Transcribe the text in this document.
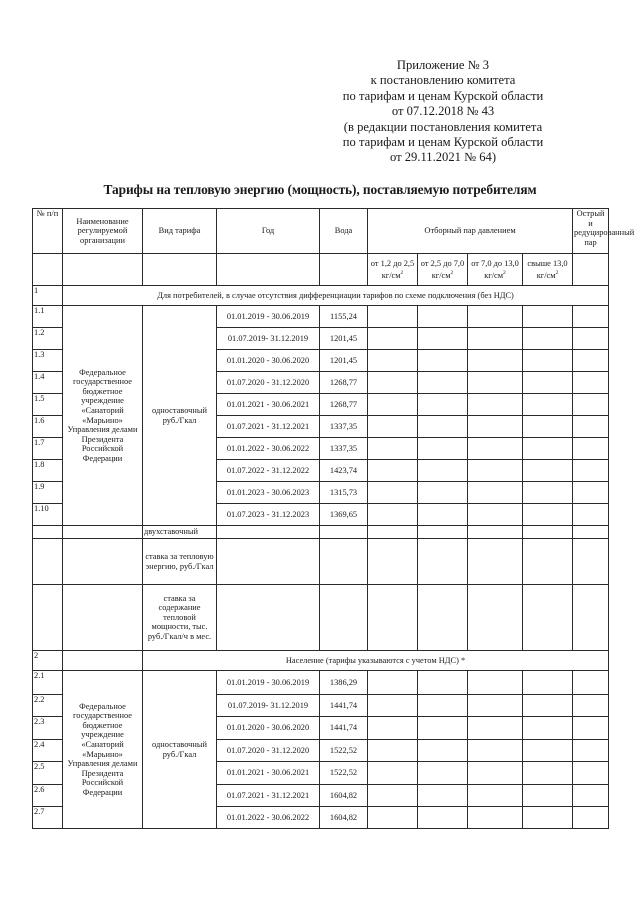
Приложение № 3
к постановлению комитета
по тарифам и ценам Курской области
от 07.12.2018 № 43
(в редакции постановления комитета
по тарифам и ценам Курской области
от 29.11.2021 № 64)
Тарифы на тепловую энергию (мощность), поставляемую потребителям
№ п/п	Наименование регулируемой организации	Вид тарифа	Год	Вода	Отборный пар давлением				Острый и редуцированный пар
					от 1,2 до 2,5 $кг/см^2$	от 2,5 до 7,0 $кг/см^2$	от 7,0 до 13,0 $кг/см^2$	свыше 13,0 $кг/см^2$	
1	Для потребителей, в случае отсутствия дифференциации тарифов по схеме подключения (без НДС)								
1.1	Федеральное государственное бюджетное учреждение «Санаторий «Марьино» Управления делами Президента Российской Федерации	одноставочный руб./Гкал	01.01.2019 - 30.06.2019	1155,24					
1.2			01.07.2019- 31.12.2019	1201,45					
1.3			01.01.2020 - 30.06.2020	1201,45					
1.4			01.07.2020 - 31.12.2020	1268,77					
1.5			01.01.2021 - 30.06.2021	1268,77					
1.6			01.07.2021 - 31.12.2021	1337,35					
1.7			01.01.2022 - 30.06.2022	1337,35					
1.8			01.07.2022 - 31.12.2022	1423,74					
1.9			01.01.2023 - 30.06.2023	1315,73					
1.10			01.07.2023 - 31.12.2023	1369,65					
		двухставочный							
		ставка за тепловую энергию, руб./Гкал							
		ставка за содержание тепловой мощности, тыс. руб./Гкал/ч в мес.							
2		Население (тарифы указываются с учетом НДС) *							
2.1	Федеральное государственное бюджетное учреждение «Санаторий «Марьино» Управления делами Президента Российской Федерации	одноставочный руб./Гкал	01.01.2019 - 30.06.2019	1386,29					
2.2			01.07.2019- 31.12.2019	1441,74					
2.3			01.01.2020 - 30.06.2020	1441,74					
2.4			01.07.2020 - 31.12.2020	1522,52					
2.5			01.01.2021 - 30.06.2021	1522,52					
2.6			01.07.2021 - 31.12.2021	1604,82					
2.7			01.01.2022 - 30.06.2022	1604,82					
